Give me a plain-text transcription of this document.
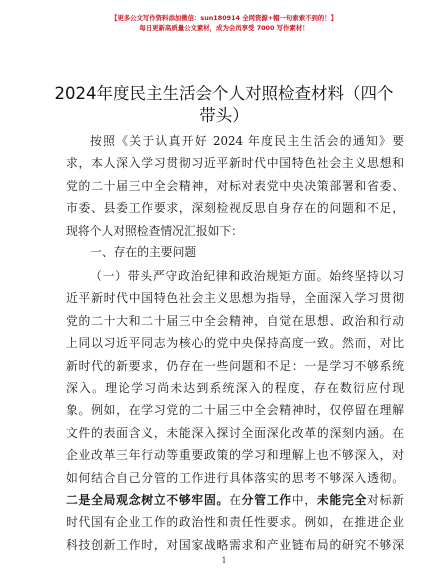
【更多公文写作资料添加微信：sun180914 全网资源+帽一句索索不到的！】
每日更新高质量公文素材，成为会员享受 7000 写作素材！
2024年度民主生活会个人对照检查材料（四个带头）
按照《关于认真开好 2024 年度民主生活会的通知》要
求，本人深入学习贯彻习近平新时代中国特色社会主义思想和
党的二十届三中全会精神，对标对表党中央决策部署和省委、
市委、县委工作要求，深刻检视反思自身存在的问题和不足，
现将个人对照检查情况汇报如下：
一、存在的主要问题
（一）带头严守政治纪律和政治规矩方面。始终坚持以习
近平新时代中国特色社会主义思想为指导，全面深入学习贯彻
党的二十大和二十届三中全会精神，自觉在思想、政治和行动
上同以习近平同志为核心的党中央保持高度一致。然而，对比
新时代的新要求，仍存在一些问题和不足：一是学习不够系统
深入。理论学习尚未达到系统深入的程度，存在数衍应付现
象。例如，在学习党的二十届三中全会精神时，仅停留在理解
文件的表面含义，未能深入探讨全面深化改革的深刻内涵。在
企业改革三年行动等重要政策的学习和理解上也不够深入，对
如何结合自己分管的工作进行具体落实的思考不够深入透彻。
二是全局观念树立不够牢固。在分管工作中，未能完全对标新
时代国有企业工作的政治性和责任性要求。例如，在推进企业
科技创新工作时，对国家战略需求和产业链布局的研究不够深
1
